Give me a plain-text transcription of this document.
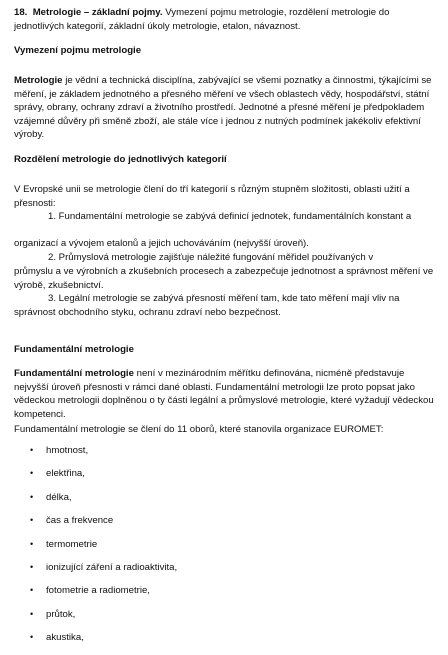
18. Metrologie – základní pojmy. Vymezení pojmu metrologie, rozdělení metrologie do jednotlivých kategorií, základní úkoly metrologie, etalon, návaznost.

Vymezení pojmu metrologie

Metrologie je vědní a technická disciplína, zabývající se všemi poznatky a činnostmi, týkajícími se měření, je základem jednotného a přesného měření ve všech oblastech vědy, hospodářství, státní správy, obrany, ochrany zdraví a životního prostředí. Jednotné a přesné měření je předpokladem vzájemné důvěry při směně zboží, ale stále více i jednou z nutných podmínek jakékoliv efektivní výroby.

Rozdělení metrologie do jednotlivých kategorií

V Evropské unii se metrologie člení do tří kategorií s různým stupněm složitosti, oblasti užití a přesnosti:

1. Fundamentální metrologie se zabývá definicí jednotek, fundamentálních konstant a

organizací a vývojem etalonů a jejich uchováváním (nejvyšší úroveň).

2. Průmyslová metrologie zajišťuje náležité fungování měřidel používaných v

průmyslu a ve výrobních a zkušebních procesech a zabezpečuje jednotnost a správnost měření ve výrobě, zkušebnictví.

3. Legální metrologie se zabývá přesností měření tam, kde tato měření mají vliv na

správnost obchodního styku, ochranu zdraví nebo bezpečnost.

Fundamentální metrologie

Fundamentální metrologie není v mezinárodním měřítku definována, nicméně představuje nejvyšší úroveň přesnosti v rámci dané oblasti. Fundamentální metrologii lze proto popsat jako vědeckou metrologii doplněnou o ty části legální a průmyslové metrologie, které vyžadují vědeckou kompetenci.

Fundamentální metrologie se člení do 11 oborů, které stanovila organizace EUROMET:

• hmotnost,
• elektřina,
• délka,
• čas a frekvence
• termometrie
• ionizující záření a radioaktivita,
• fotometrie a radiometrie,
• průtok,
• akustika,
